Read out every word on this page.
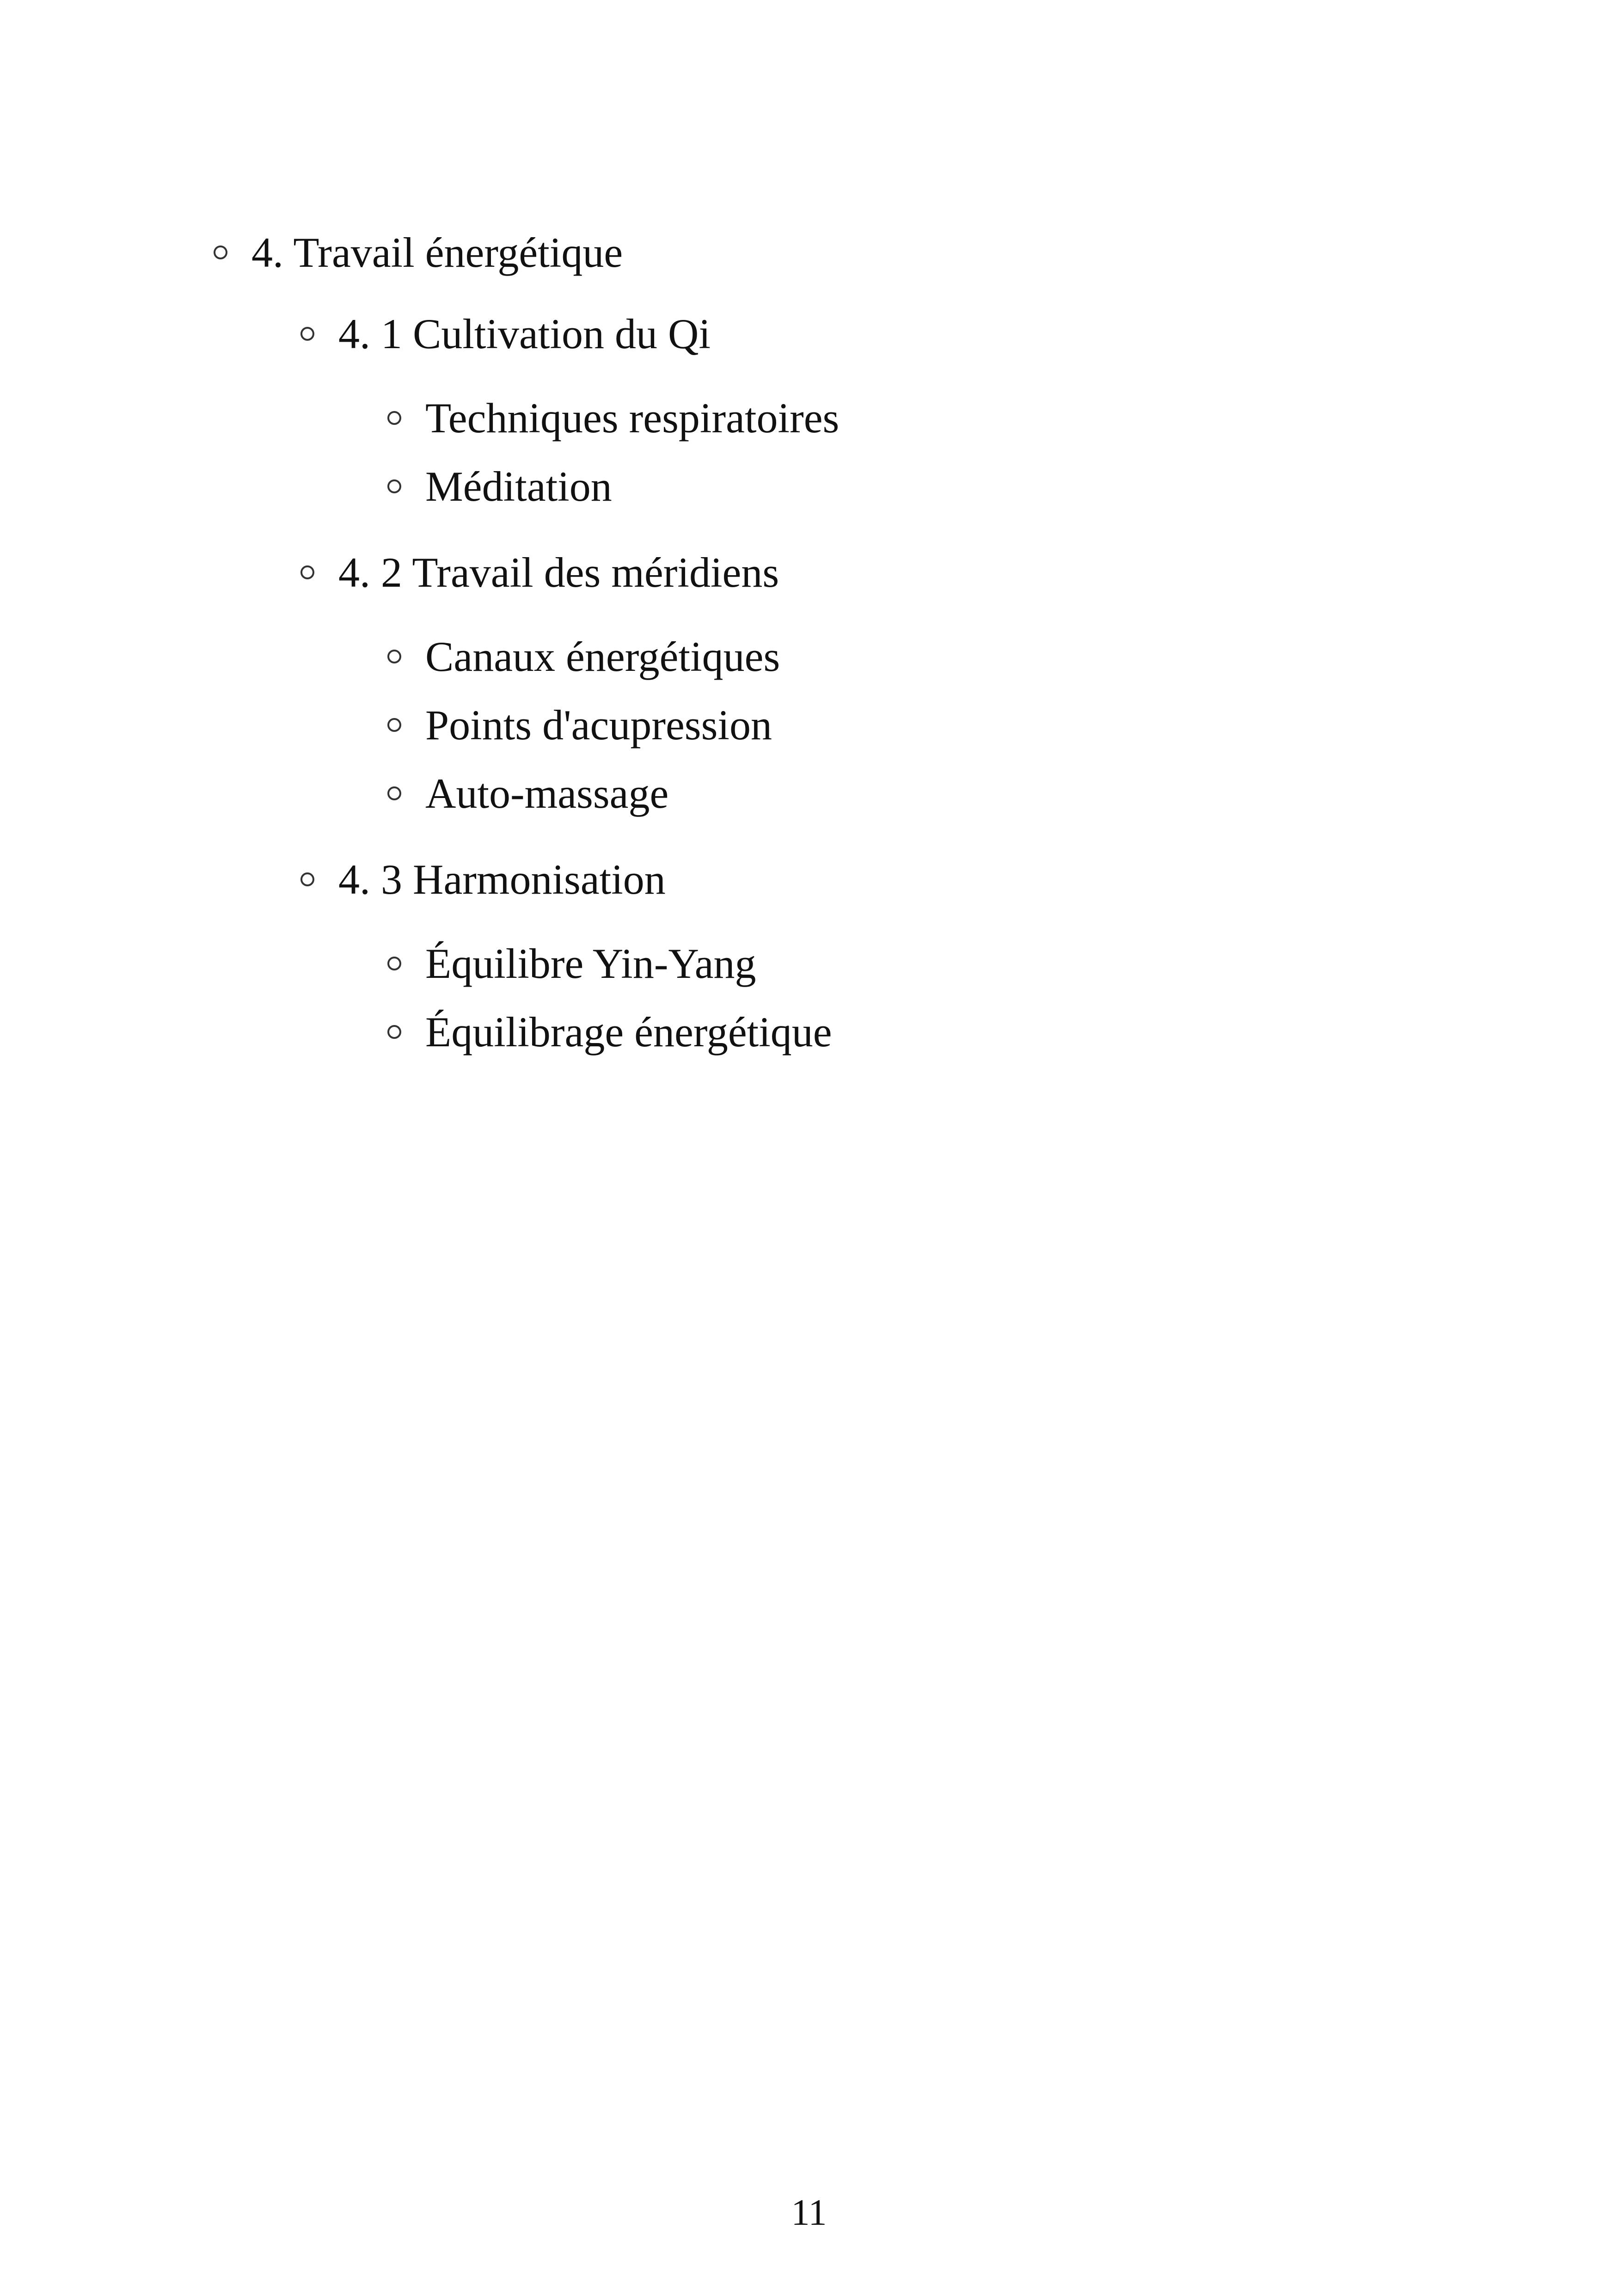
4. Travail énergétique
4. 1 Cultivation du Qi
Techniques respiratoires
Méditation
4. 2 Travail des méridiens
Canaux énergétiques
Points d'acupression
Auto-massage
4. 3 Harmonisation
Équilibre Yin-Yang
Équilibrage énergétique
11
